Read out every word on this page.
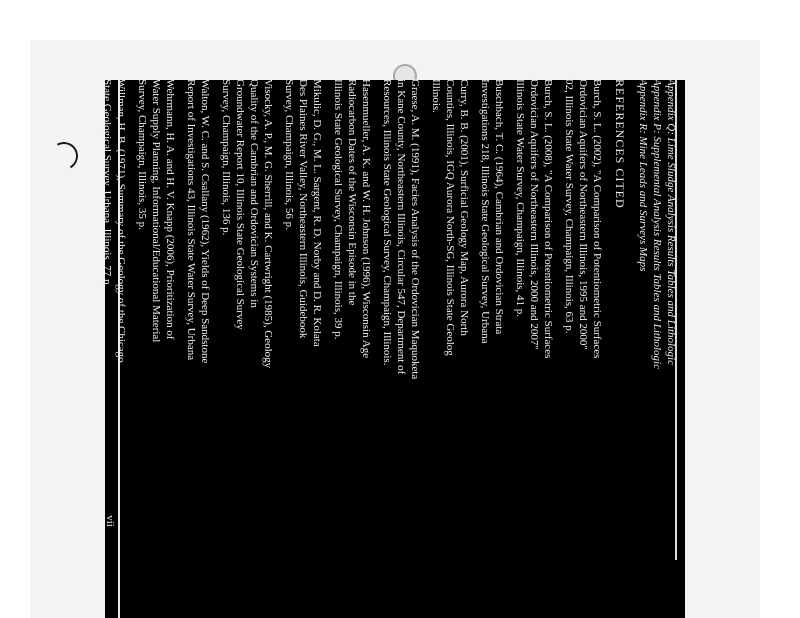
Appendix Q: Lime Sludge Analysis Results Tables and Lithologic
Appendix P: Supplemental Analysis Results Tables and Lithologic
Appendix R: Mine Leads and Surveys Maps
REFERENCES CITED
Burch, S. L. (2002), "A Comparison of Potentiometric Surfaces
Ordovician Aquifers of Northeastern Illinois, 1995 and 2000"
02, Illinois State Water Survey, Champaign, Illinois, 63 p.
Burch, S. L. (2008), "A Comparison of Potentiometric Surfaces
Ordovician Aquifers of Northeastern Illinois, 2000 and 2007"
Illinois State Water Survey, Champaign, Illinois, 41 p.
Buschbach, T. C. (1964), Cambrian and Ordovician Strata
Investigations 218, Illinois State Geological Survey, Urbana
Curry, B. B. (2001), Surficial Geology Map, Aurora North
Counties, Illinois, IGQ Aurora North-SG, Illinois State Geolog
Illinois.
Graese, A. M. (1991), Facies Analysis of the Ordovician Maquoketa
in Kane County, Northeastern Illinois, Circular 547, Department of
Resources, Illinois State Geological Survey, Champaign, Illinois.
Hasenmueller, A. K. and W. H. Johnson (1996), Wisconsin Age
Radiocarbon Dates of the Wisconsin Episode in the
Illinois State Geological Survey, Champaign, Illinois, 39 p.
Mikulic, D. G., M. L. Sargent, R. D. Norby and D. R. Kolata
Des Plaines River Valley, Northeastern Illinois, Guidebook
Survey, Champaign, Illinois, 56 p.
Visocky, A. P., M. G. Sherrill, and K. Cartwright (1985), Geology
Quality of the Cambrian and Ordovician Systems in
Groundwater Report 10, Illinois State Geological Survey
Survey, Champaign, Illinois, 136 p.
Walton, W. C. and S. Csallany (1962), Yields of Deep Sandstone
Report of Investigations 43, Illinois State Water Survey, Urbana
Wehrmann, H. A. and H. V. Knapp (2006), Prioritization of
Water Supply Planning, Informational/Educational Material
Survey, Champaign, Illinois, 35 p.
Willman, H. B. (1971), Summary of the Geology of the Chicago
State Geological Survey, Urbana, Illinois, 77 p.
vii
